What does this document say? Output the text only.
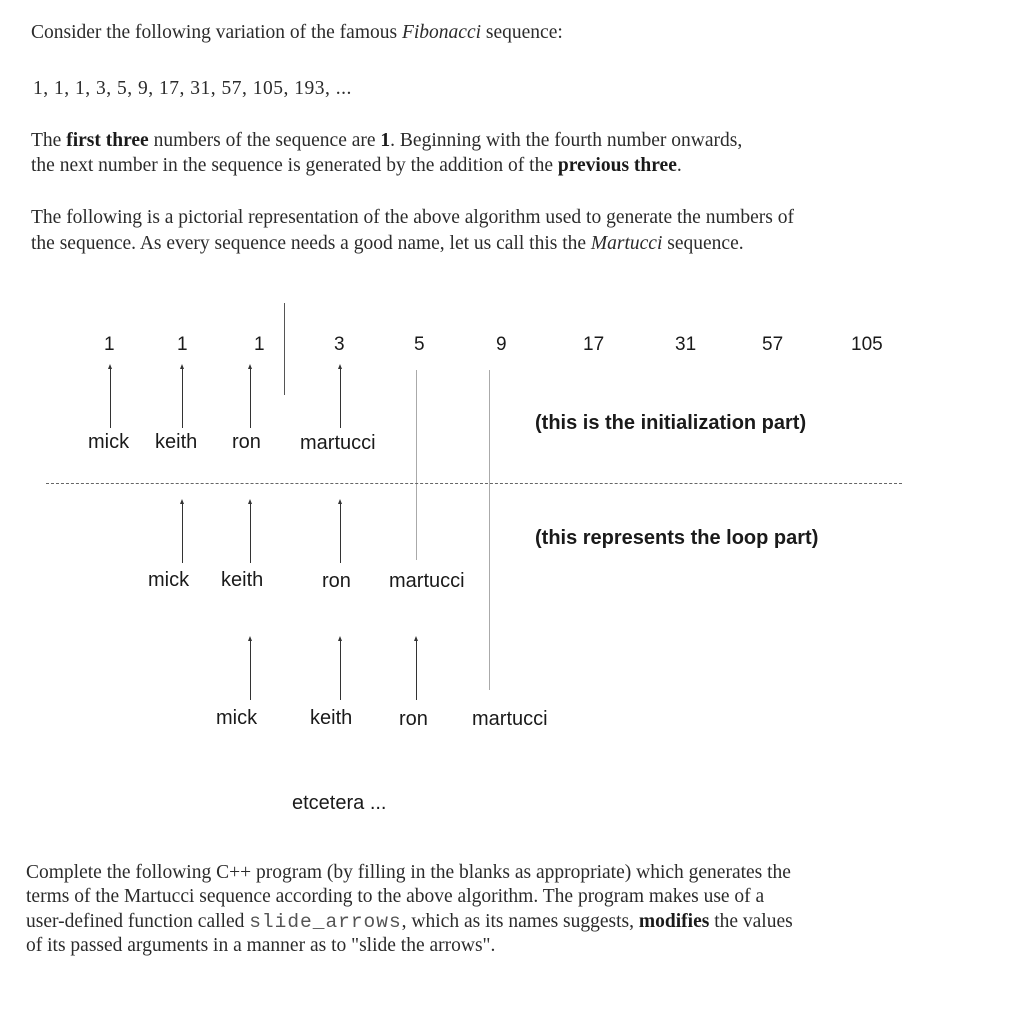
Consider the following variation of the famous Fibonacci sequence:
1, 1, 1, 3, 5, 9, 17, 31, 57, 105, 193, ...
The first three numbers of the sequence are 1. Beginning with the fourth number onwards,
the next number in the sequence is generated by the addition of the previous three.
The following is a pictorial representation of the above algorithm used to generate the numbers of
the sequence. As every sequence needs a good name, let us call this the Martucci sequence.
1	1	1	3	5	9	17	31	57	105
mick keith ron martucci
(this is the initialization part)
mick keith	ron martucci
(this represents the loop part)
mick	keith ron martucci
etcetera ...
Complete the following C++ program (by filling in the blanks as appropriate) which generates the
terms of the Martucci sequence according to the above algorithm. The program makes use of a
user-defined function called slide_arrows, which as its names suggests, modifies the values
of its passed arguments in a manner as to "slide the arrows".
